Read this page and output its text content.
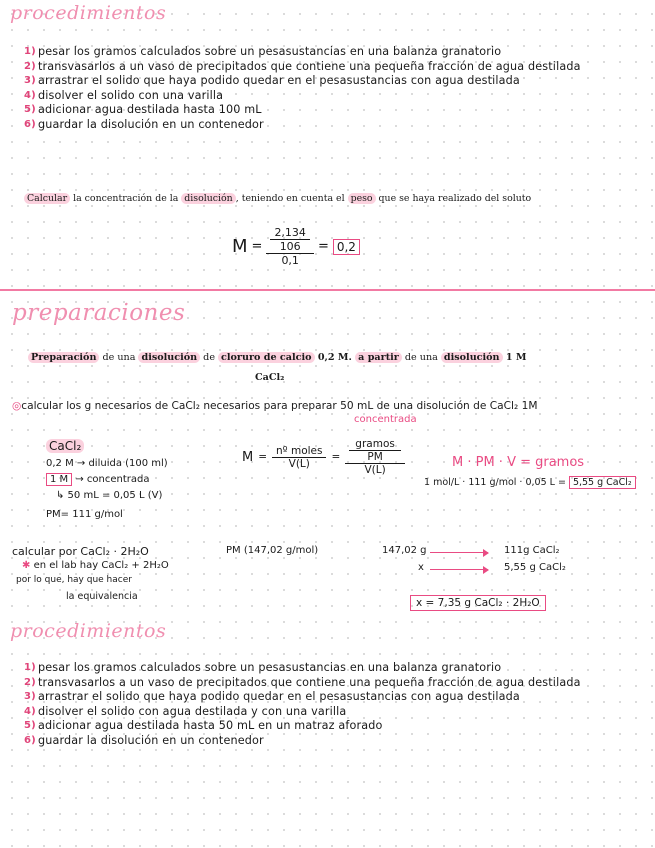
procedimientos
1) pesar los gramos calculados sobre un pesasustancias en una balanza granatorio
2) transvasarlos a un vaso de precipitados que contiene una pequeña fracción de agua destilada
3) arrastrar el solido que haya podido quedar en el pesasustancias con agua destilada
4) disolver el solido con una varilla
5) adicionar agua destilada hasta 100 mL
6) guardar la disolución en un contenedor
Calcular la concentración de la disolución , teniendo en cuenta el peso que se haya realizado del soluto
$M = \frac{\frac{2,134}{106}}{0,1} = 0,2$
preparaciones
Preparación de una disolución de cloruro de calcio 0,2 M. a partir de una disolución 1 M
CaCl₂
◎calcular los g necesarios de CaCl₂ necesarios para preparar 50 mL de una disolución de CaCl₂ 1M
concentrada
CaCl₂
0,2 M → diluida (100 ml)
1 M → concentrada
↳ 50 mL = 0,05 L (V)
PM= 111 g/mol
$M = \frac{\text{nº moles}}{V(L)} = \frac{\frac{\text{gramos}}{PM}}{V(L)}$	M · PM · V = gramos
1 mol/L · 111 g/mol · 0,05 L = 5,55 g CaCl₂
calcular por CaCl₂ · 2H₂O	PM (147,02 g/mol)
✱ en el lab hay CaCl₂ + 2H₂O
por lo que, hay que hacer
la equivalencia
147,02 g	111g CaCl₂
x	5,55 g CaCl₂
x = 7,35 g CaCl₂ · 2H₂O
procedimientos
1) pesar los gramos calculados sobre un pesasustancias en una balanza granatorio
2) transvasarlos a un vaso de precipitados que contiene una pequeña fracción de agua destilada
3) arrastrar el solido que haya podido quedar en el pesasustancias con agua destilada
4) disolver el solido con agua destilada y con una varilla
5) adicionar agua destilada hasta 50 mL en un matraz aforado
6) guardar la disolución en un contenedor
